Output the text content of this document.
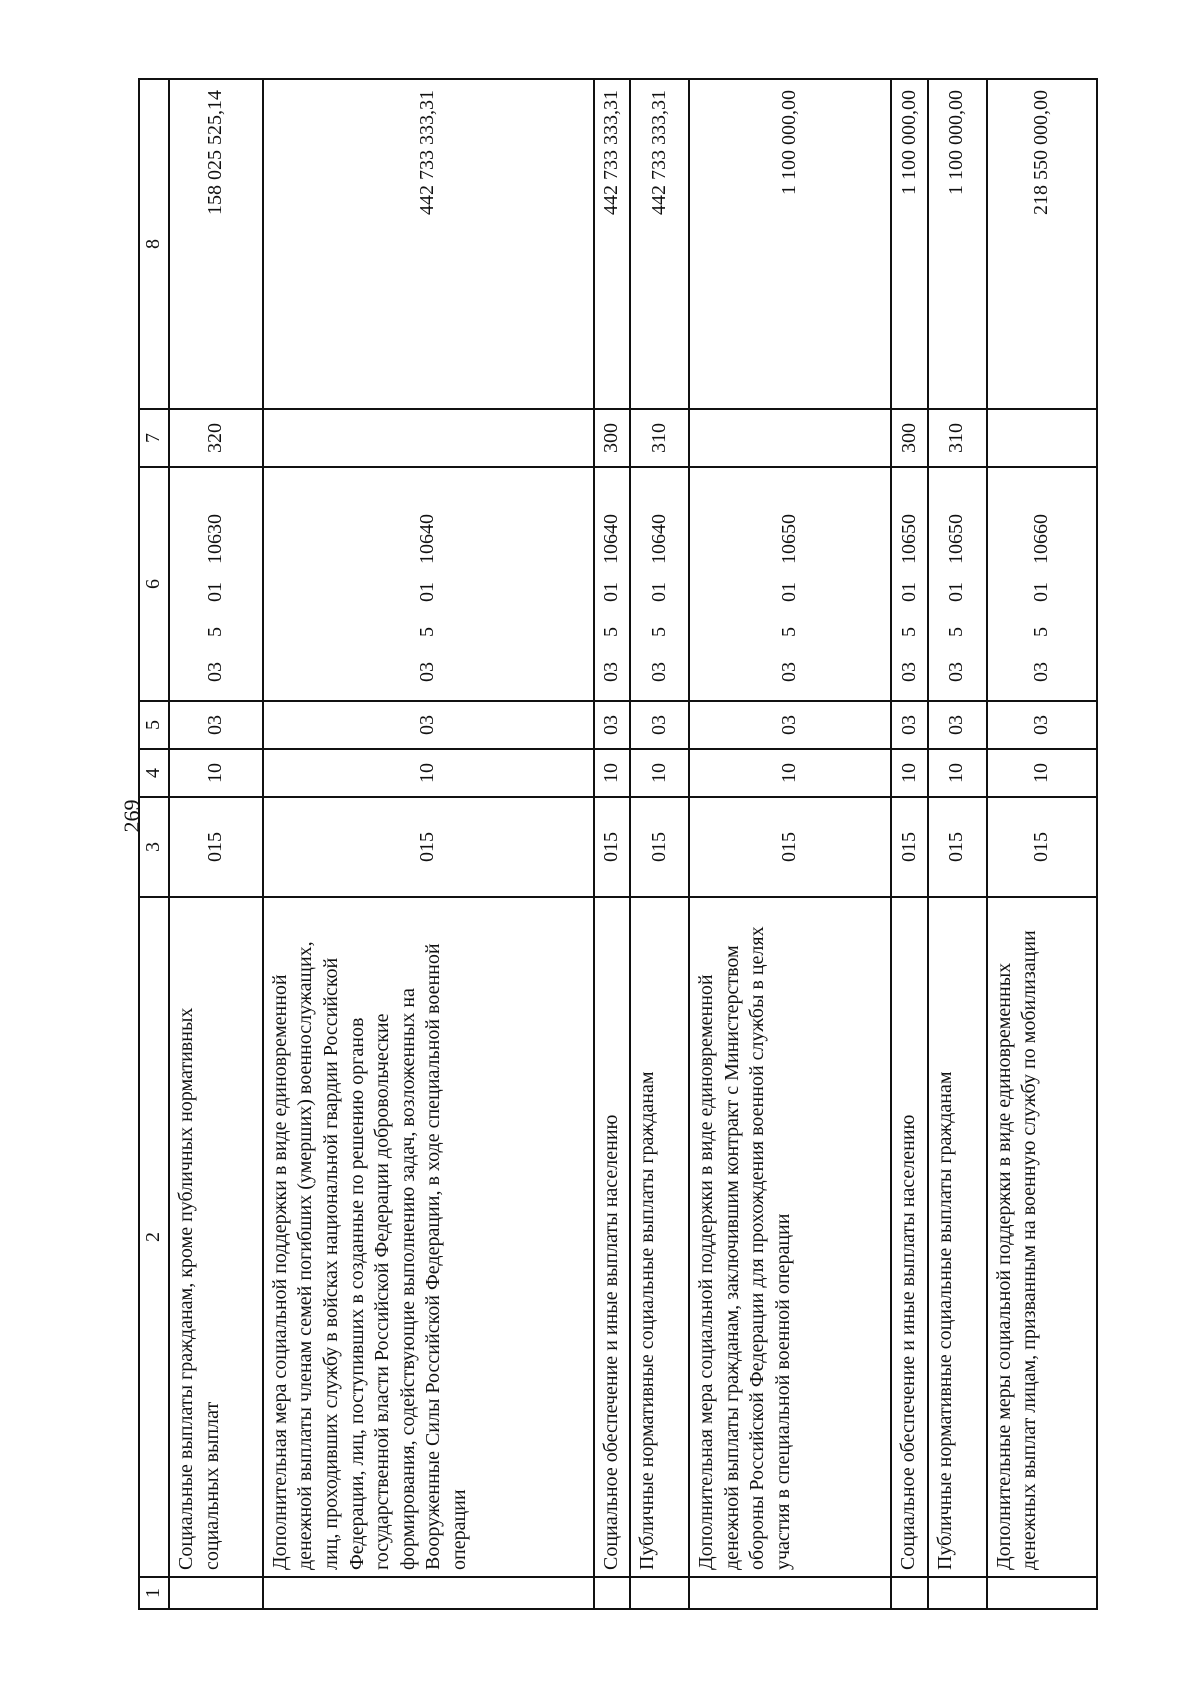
269
1	2	3	4	5	6	7	8
	Социальные выплаты гражданам, кроме публичных нормативных социальных выплат	015	10	03	0350110630	320	158 025 525,14
	Дополнительная мера социальной поддержки в виде единовременной денежной выплаты членам семей погибших (умерших) военнослужащих, лиц, проходивших службу в войсках национальной гвардии Российской Федерации, лиц, поступивших в созданные по решению органов государственной власти Российской Федерации добровольческие формирования, содействующие выполнению задач, возложенных на Вооруженные Силы Российской Федерации, в ходе специальной военной операции	015	10	03	0350110640		442 733 333,31
	Социальное обеспечение и иные выплаты населению	015	10	03	0350110640	300	442 733 333,31
	Публичные нормативные социальные выплаты гражданам	015	10	03	0350110640	310	442 733 333,31
	Дополнительная мера социальной поддержки в виде единовременной денежной выплаты гражданам, заключившим контракт с Министерством обороны Российской Федерации для прохождения военной службы в целях участия в специальной военной операции	015	10	03	0350110650		1 100 000,00
	Социальное обеспечение и иные выплаты населению	015	10	03	0350110650	300	1 100 000,00
	Публичные нормативные социальные выплаты гражданам	015	10	03	0350110650	310	1 100 000,00
	Дополнительные меры социальной поддержки в виде единовременных денежных выплат лицам, призванным на военную службу по мобилизации	015	10	03	0350110660		218 550 000,00
